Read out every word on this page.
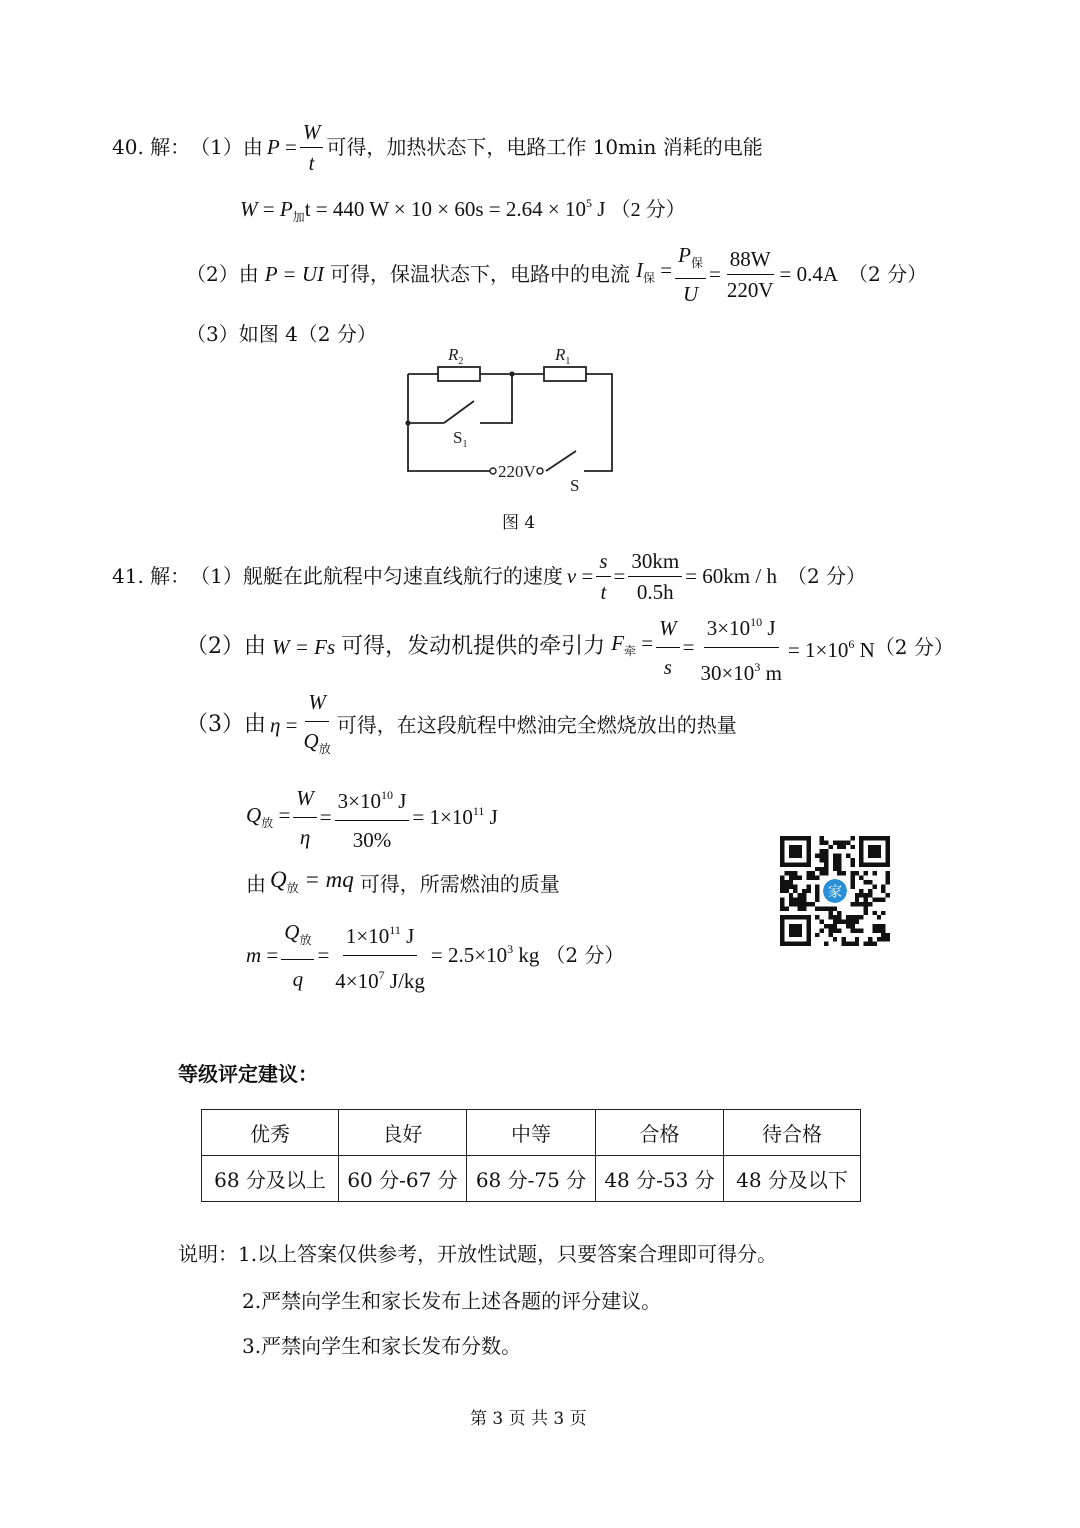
40. 解： （1）由 $P = \frac{W}{t}$ 可得，加热状态下，电路工作 10min 消耗的电能
$W = P_加t = 440$ $W \times 10 \times 60s = 2.64 \times 10^5$ J （2 分）
（2）由 P = UI 可得，保温状态下，电路中的电流 $I_保 = \frac{P_保}{U} = \frac{88W}{220V} = 0.4A$ （2 分）
（3）如图 4（2 分）
$R_2$	$R_1$
$S_1$
220V
S
图 4
41. 解： （1）舰艇在此航程中匀速直线航行的速度 $v = \frac{s}{t} = \frac{30km}{0.5h} = 60km / h$ （2 分）
（2）由 W = Fs 可得，发动机提供的牵引力 $F_牵 = \frac{W}{s} = \frac{3\times 10^{10} J}{30\times 10^3 m} = 1\times 10^6$ N （2 分）
（3）由 $\eta = \frac{W}{Q_放}$ 可得，在这段航程中燃油完全燃烧放出的热量
$Q_放 = \frac{W}{\eta} = \frac{3\times 10^{10} J}{30\%} = 1\times 10^{11}$ J
由 $Q_放$ = mq 可得，所需燃油的质量
$m = \frac{Q_放}{q} = \frac{1\times 10^{11} J}{4\times 10^7 J/kg} = 2.5\times 10^3$ kg （2 分）
家
等级评定建议：
优秀	良好	中等	合格	待合格
68 分及以上	60 分-67 分	68 分-75 分	48 分-53 分	48 分及以下
说明：1.以上答案仅供参考，开放性试题，只要答案合理即可得分。
2.严禁向学生和家长发布上述各题的评分建议。
3.严禁向学生和家长发布分数。
第 3 页 共 3 页
